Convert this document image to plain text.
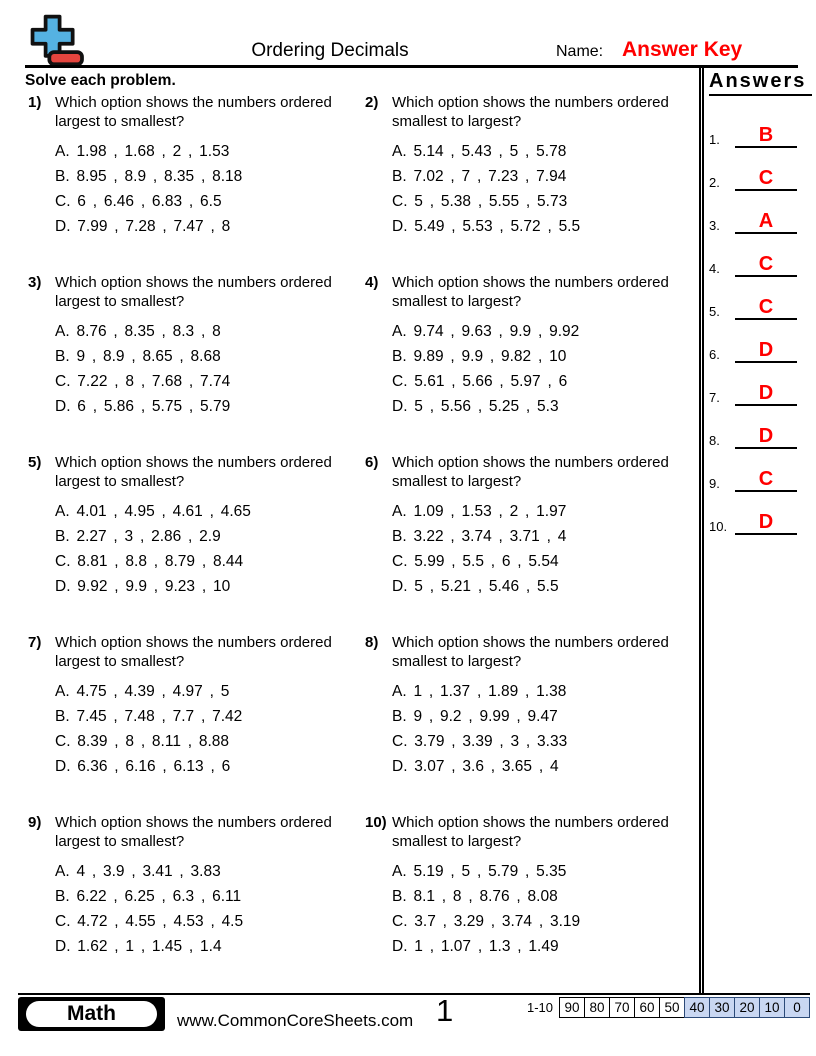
Ordering Decimals	Name: Answer Key
Solve each problem.
1) Which option shows the numbers ordered largest to smallest?
A. 1.98 , 1.68 , 2 , 1.53
B. 8.95 , 8.9 , 8.35 , 8.18
C. 6 , 6.46 , 6.83 , 6.5
D. 7.99 , 7.28 , 7.47 , 8
2) Which option shows the numbers ordered smallest to largest?
A. 5.14 , 5.43 , 5 , 5.78
B. 7.02 , 7 , 7.23 , 7.94
C. 5 , 5.38 , 5.55 , 5.73
D. 5.49 , 5.53 , 5.72 , 5.5
3) Which option shows the numbers ordered largest to smallest?
A. 8.76 , 8.35 , 8.3 , 8
B. 9 , 8.9 , 8.65 , 8.68
C. 7.22 , 8 , 7.68 , 7.74
D. 6 , 5.86 , 5.75 , 5.79
4) Which option shows the numbers ordered smallest to largest?
A. 9.74 , 9.63 , 9.9 , 9.92
B. 9.89 , 9.9 , 9.82 , 10
C. 5.61 , 5.66 , 5.97 , 6
D. 5 , 5.56 , 5.25 , 5.3
5) Which option shows the numbers ordered largest to smallest?
A. 4.01 , 4.95 , 4.61 , 4.65
B. 2.27 , 3 , 2.86 , 2.9
C. 8.81 , 8.8 , 8.79 , 8.44
D. 9.92 , 9.9 , 9.23 , 10
6) Which option shows the numbers ordered smallest to largest?
A. 1.09 , 1.53 , 2 , 1.97
B. 3.22 , 3.74 , 3.71 , 4
C. 5.99 , 5.5 , 6 , 5.54
D. 5 , 5.21 , 5.46 , 5.5
7) Which option shows the numbers ordered largest to smallest?
A. 4.75 , 4.39 , 4.97 , 5
B. 7.45 , 7.48 , 7.7 , 7.42
C. 8.39 , 8 , 8.11 , 8.88
D. 6.36 , 6.16 , 6.13 , 6
8) Which option shows the numbers ordered smallest to largest?
A. 1 , 1.37 , 1.89 , 1.38
B. 9 , 9.2 , 9.99 , 9.47
C. 3.79 , 3.39 , 3 , 3.33
D. 3.07 , 3.6 , 3.65 , 4
9) Which option shows the numbers ordered largest to smallest?
A. 4 , 3.9 , 3.41 , 3.83
B. 6.22 , 6.25 , 6.3 , 6.11
C. 4.72 , 4.55 , 4.53 , 4.5
D. 1.62 , 1 , 1.45 , 1.4
10) Which option shows the numbers ordered smallest to largest?
A. 5.19 , 5 , 5.79 , 5.35
B. 8.1 , 8 , 8.76 , 8.08
C. 3.7 , 3.29 , 3.74 , 3.19
D. 1 , 1.07 , 1.3 , 1.49
Answers
1.	B
2.	C
3.	A
4.	C
5.	C
6.	D
7.	D
8.	D
9.	C
10.	D
Math	www.CommonCoreSheets.com 1	1-10 90 80 70 60 50 40 30 20 10	0
